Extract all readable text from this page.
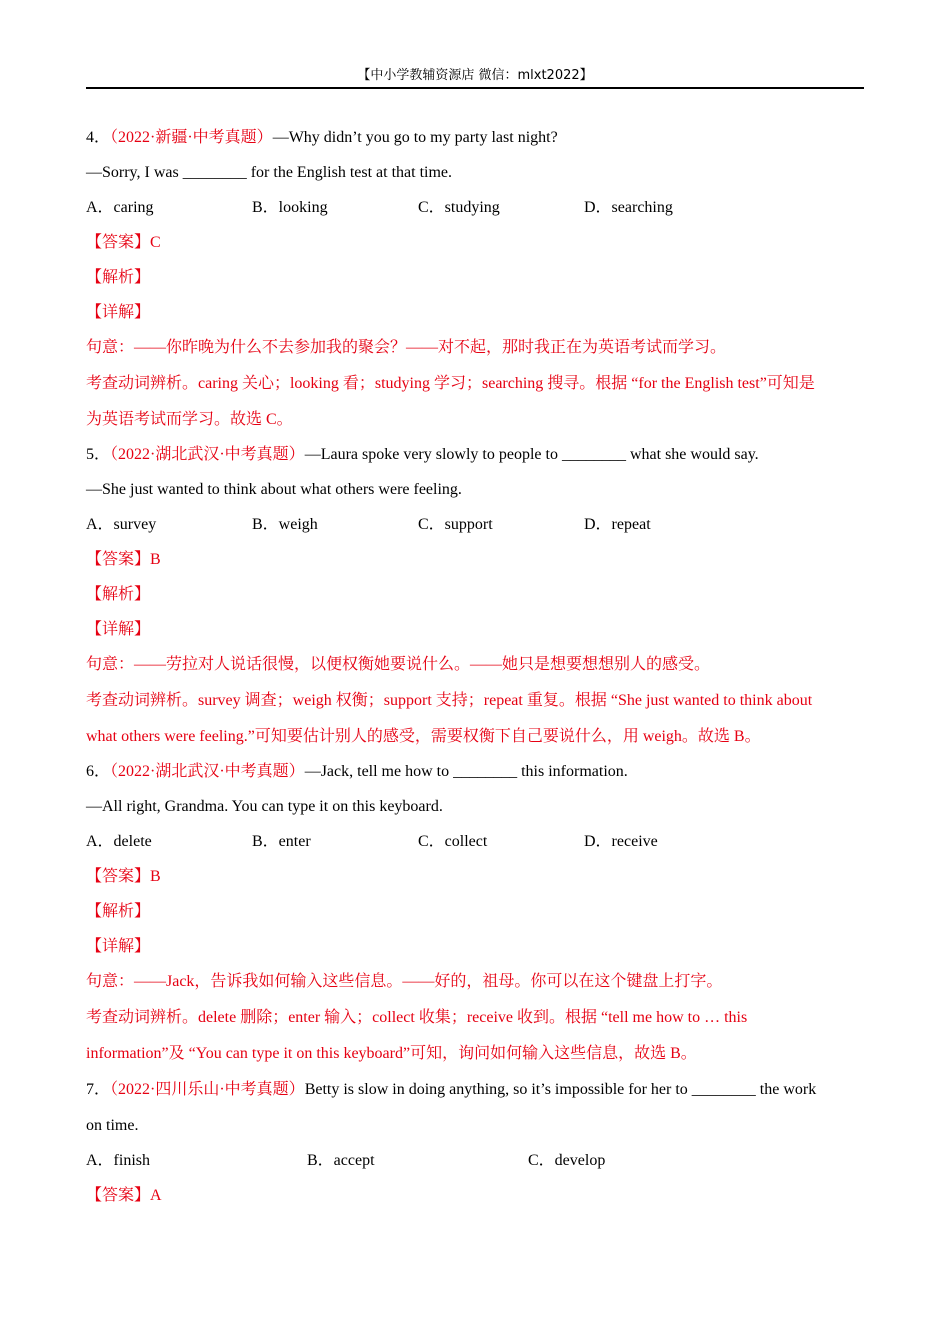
【中小学教辅资源店 微信：mlxt2022】
4．（2022·新疆·中考真题）—Why didn’t you go to my party last night?
—Sorry, I was ________ for the English test at that time.
A．caring	B．looking	C．studying	D．searching
【答案】C
【解析】
【详解】
句意：——你昨晚为什么不去参加我的聚会？——对不起，那时我正在为英语考试而学习。
考查动词辨析。caring 关心；looking 看；studying 学习；searching 搜寻。根据 “for the English test”可知是
为英语考试而学习。故选 C。
5．（2022·湖北武汉·中考真题）—Laura spoke very slowly to people to ________ what she would say.
—She just wanted to think about what others were feeling.
A．survey	B．weigh	C．support	D．repeat
【答案】B
【解析】
【详解】
句意：——劳拉对人说话很慢，以便权衡她要说什么。——她只是想要想想别人的感受。
考查动词辨析。survey 调查；weigh 权衡；support 支持；repeat 重复。根据 “She just wanted to think about
what others were feeling.”可知要估计别人的感受，需要权衡下自己要说什么，用 weigh。故选 B。
6．（2022·湖北武汉·中考真题）—Jack, tell me how to ________ this information.
—All right, Grandma. You can type it on this keyboard.
A．delete	B．enter	C．collect	D．receive
【答案】B
【解析】
【详解】
句意：——Jack，告诉我如何输入这些信息。——好的，祖母。你可以在这个键盘上打字。
考查动词辨析。delete 删除；enter 输入；collect 收集；receive 收到。根据 “tell me how to … this
information”及 “You can type it on this keyboard”可知，询问如何输入这些信息，故选 B。
7．（2022·四川乐山·中考真题）Betty is slow in doing anything, so it’s impossible for her to ________ the work
on time.
A．finish	B．accept	C．develop
【答案】A
